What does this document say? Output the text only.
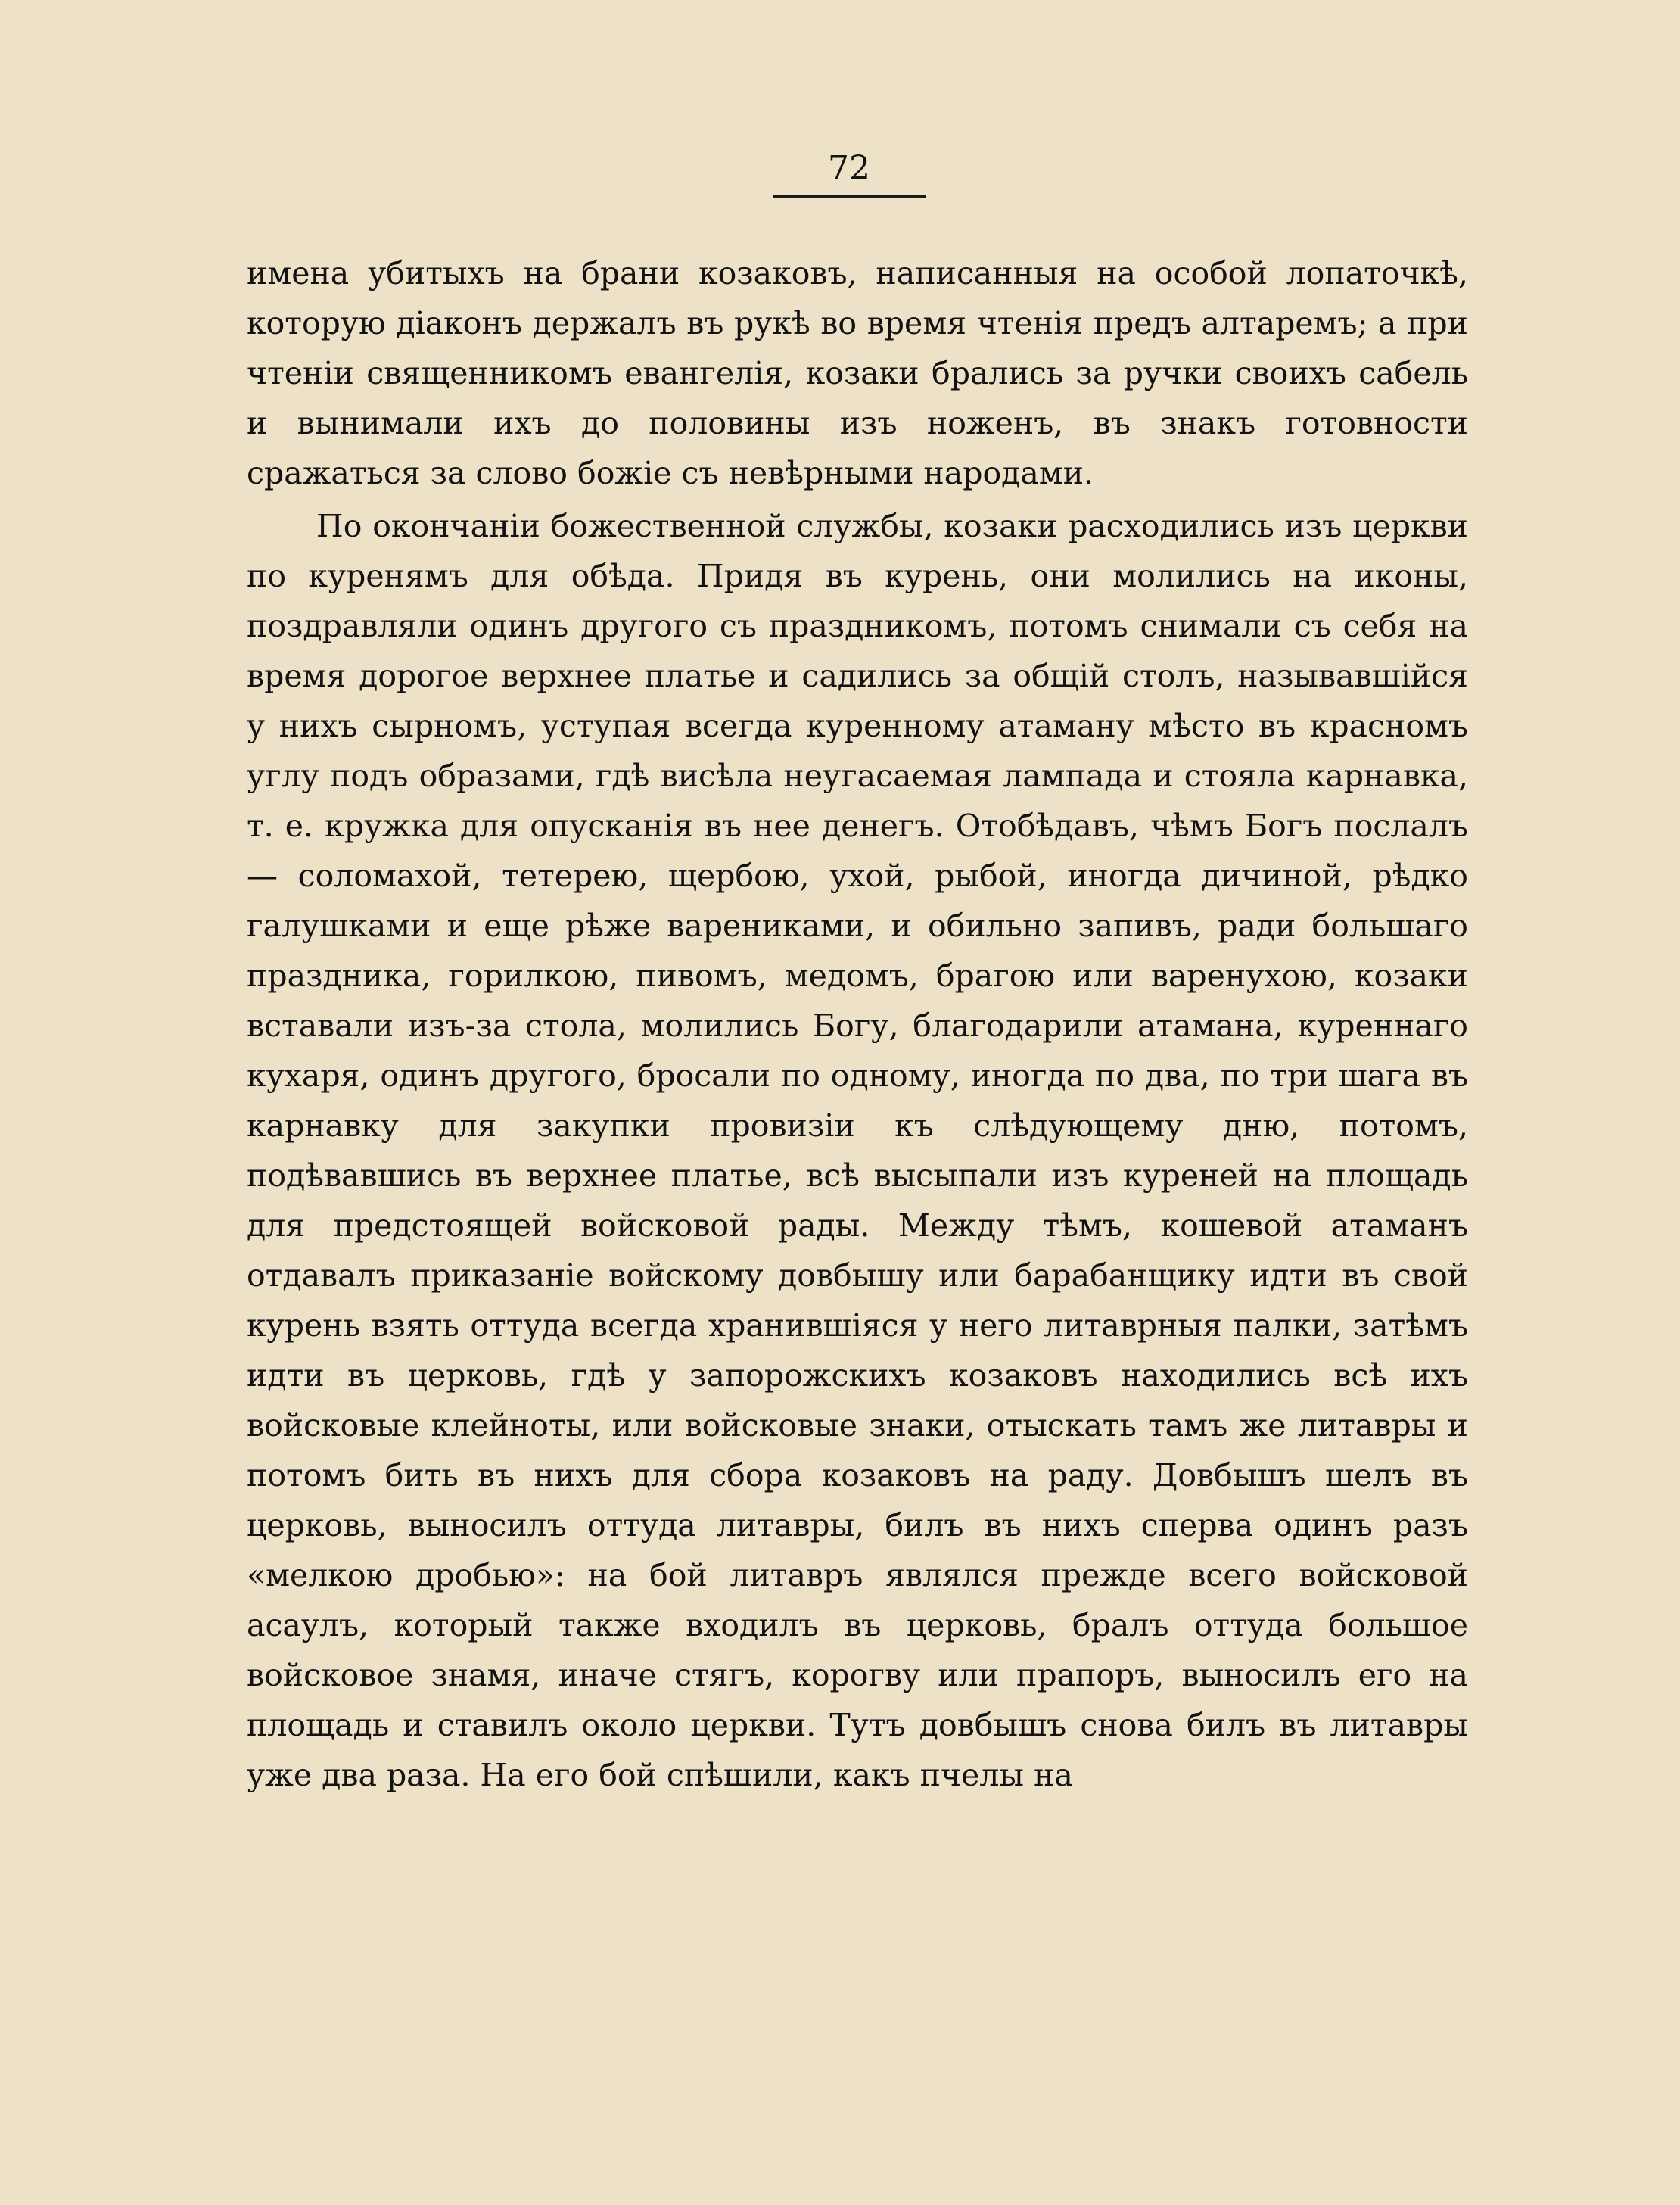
72

имена убитыхъ на брани козаковъ, написанныя на особой лопаточкѣ, которую діаконъ держалъ въ рукѣ во время чтенія предъ алтаремъ; а при чтеніи священникомъ евангелія, козаки брались за ручки своихъ сабель и вынимали ихъ до половины изъ ноженъ, въ знакъ готовности сражаться за слово божіе съ невѣрными народами.

По окончаніи божественной службы, козаки расходились изъ церкви по куренямъ для обѣда. Придя въ курень, они молились на иконы, поздравляли одинъ другого съ праздникомъ, потомъ снимали съ себя на время дорогое верхнее платье и садились за общій столъ, называвшійся у нихъ сырномъ, уступая всегда куренному атаману мѣсто въ красномъ углу подъ образами, гдѣ висѣла неугасаемая лампада и стояла карнавка, т. е. кружка для опусканія въ нее денегъ. Отобѣдавъ, чѣмъ Богъ послалъ — соломахой, тетерею, щербою, ухой, рыбой, иногда дичиной, рѣдко галушками и еще рѣже варениками, и обильно запивъ, ради большаго праздника, горилкою, пивомъ, медомъ, брагою или варенухою, козаки вставали изъ-за стола, молились Богу, благодарили атамана, куреннаго кухаря, одинъ другого, бросали по одному, иногда по два, по три шага въ карнавку для закупки провизіи къ слѣдующему дню, потомъ, подѣвавшись въ верхнее платье, всѣ высыпали изъ куреней на площадь для предстоящей войсковой рады. Между тѣмъ, кошевой атаманъ отдавалъ приказаніе войскому довбышу или барабанщику идти въ свой курень взять оттуда всегда хранившіяся у него литаврныя палки, затѣмъ идти въ церковь, гдѣ у запорожскихъ козаковъ находились всѣ ихъ войсковые клейноты, или войсковые знаки, отыскать тамъ же литавры и потомъ бить въ нихъ для сбора козаковъ на раду. Довбышъ шелъ въ церковь, выносилъ оттуда литавры, билъ въ нихъ сперва одинъ разъ «мелкою дробью»: на бой литавръ являлся прежде всего войсковой асаулъ, который также входилъ въ церковь, бралъ оттуда большое войсковое знамя, иначе стягъ, корогву или прапоръ, выносилъ его на площадь и ставилъ около церкви. Тутъ довбышъ снова билъ въ литавры уже два раза. На его бой спѣшили, какъ пчелы на
